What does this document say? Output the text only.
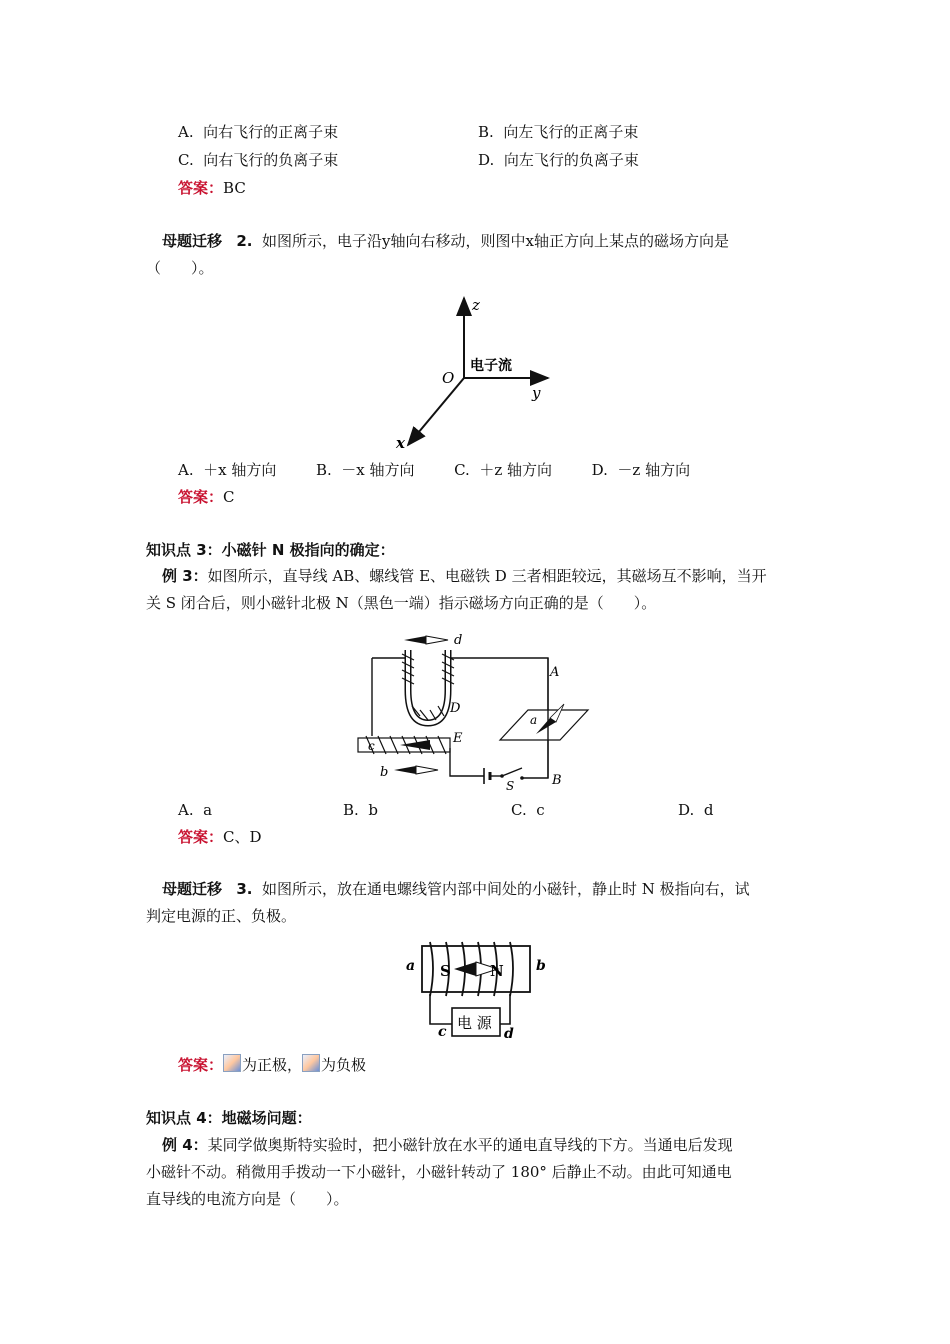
A. 向右飞行的正离子束	B. 向左飞行的正离子束
C. 向右飞行的负离子束	D. 向左飞行的负离子束
答案：BC
母题迁移 2. 如图所示，电子沿y轴向右移动，则图中x轴正方向上某点的磁场方向是
（　　）。
z
O
y
x
电子流
A. ＋x 轴方向	B. －x 轴方向	C. ＋z 轴方向	D. －z 轴方向
答案：C
知识点 3：小磁针 N 极指向的确定：
例 3：如图所示，直导线 AB、螺线管 E、电磁铁 D 三者相距较远，其磁场互不影响，当开
关 S 闭合后，则小磁针北极 N（黑色一端）指示磁场方向正确的是（　　）。
d
A
D
a
c	E
b
S	B
A. a	B. b	C. c	D. d
答案：C、D
母题迁移 3. 如图所示，放在通电螺线管内部中间处的小磁针，静止时 N 极指向右，试
判定电源的正、负极。
S	N
a	b
电 源
c	d
答案： 为正极， 为负极
知识点 4：地磁场问题：
例 4：某同学做奥斯特实验时，把小磁针放在水平的通电直导线的下方。当通电后发现
小磁针不动。稍微用手拨动一下小磁针，小磁针转动了 180° 后静止不动。由此可知通电
直导线的电流方向是（　　）。
